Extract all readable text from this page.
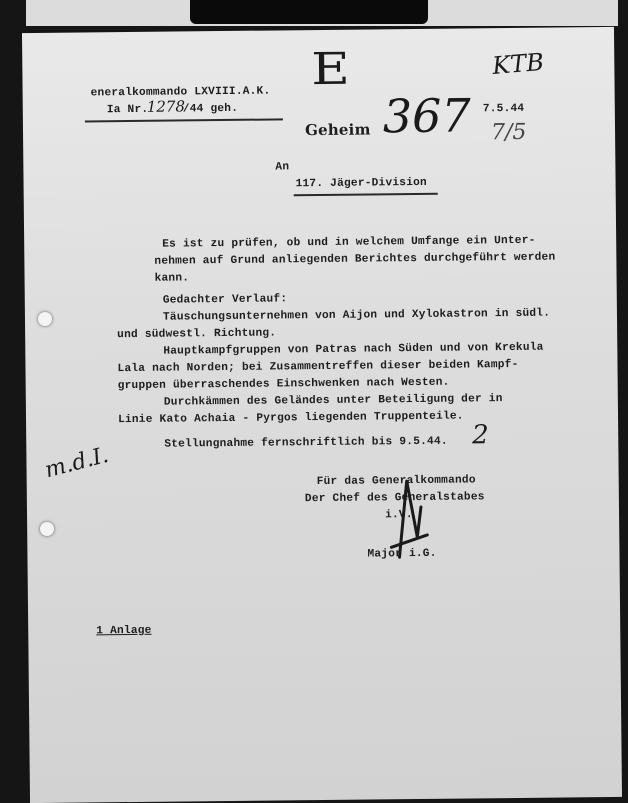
eneralkommando LXVIII.A.K.
Ia Nr.
1278
/44 geh.
E	KTB
Geheim 367 7.5.44
7/5
An
117. Jäger-Division
Es ist zu prüfen, ob und in welchem Umfange ein Unter-
nehmen auf Grund anliegenden Berichtes durchgeführt werden
kann.
Gedachter Verlauf:
Täuschungsunternehmen von Aijon und Xylokastron in südl.
und südwestl. Richtung.
Hauptkampfgruppen von Patras nach Süden und von Krekula
Lala nach Norden; bei Zusammentreffen dieser beiden Kampf-
gruppen überraschendes Einschwenken nach Westen.
Durchkämmen des Geländes unter Beteiligung der in
Linie Kato Achaia - Pyrgos liegenden Truppenteile.
Stellungnahme fernschriftlich bis 9.5.44. 2
m.d.I.	Für das Generalkommando
Der Chef des Generalstabes
i.V.
Major i.G.
1 Anlage
